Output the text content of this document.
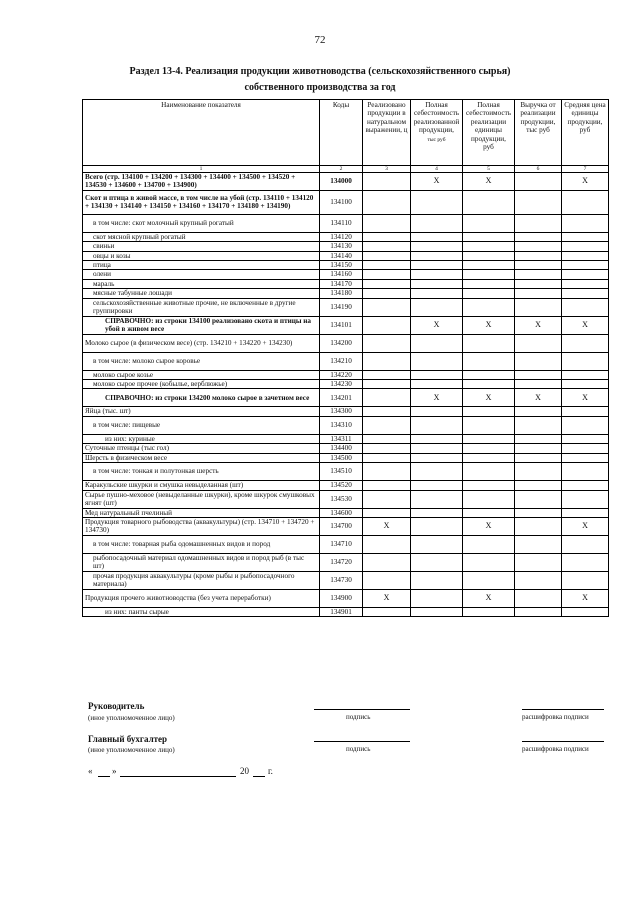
72
Раздел 13-4. Реализация продукции животноводства (сельскохозяйственного сырья)
собственного производства за год
Наименование показателя	Коды	Реализовано продукции в натуральном выражении, ц	Полная себестоимость реализованной продукции,
тыс руб	Полная себестоимость реализации единицы продукции, руб	Выручка от реализации продукции, тыс руб	Средняя цена единицы продукции, руб
1	2	3	4	5	6	7
Всего (стр. 134100 + 134200 + 134300 + 134400 + 134500 + 134520 + 134530 + 134600 + 134700 + 134900)	134000		X	X		X
Скот и птица в живой массе, в том числе на убой (стр. 134110 + 134120 + 134130 + 134140 + 134150 + 134160 + 134170 + 134180 + 134190)	134100					
в том числе: скот молочный крупный рогатый	134110					
скот мясной крупный рогатый	134120					
свиньи	134130					
овцы и козы	134140					
птица	134150					
олени	134160					
мараль	134170					
мясные табунные лошади	134180					
сельскохозяйственные животные прочие, не включенные в другие группировки	134190					
СПРАВОЧНО: из строки 134100 реализовано скота и птицы на убой в живом весе	134101		X	X	X	X
Молоко сырое (в физическом весе) (стр. 134210 + 134220 + 134230)	134200					
в том числе: молоко сырое коровье	134210					
молоко сырое козье	134220					
молоко сырое прочее (кобылье, верблюжье)	134230					
СПРАВОЧНО: из строки 134200 молоко сырое в зачетном весе	134201		X	X	X	X
Яйца (тыс. шт)	134300					
в том числе: пищевые	134310					
из них: куриные	134311					
Суточные птенцы (тыс гол)	134400					
Шерсть в физическом весе	134500					
в том числе: тонкая и полутонкая шерсть	134510					
Каракульские шкурки и смушка невыделанная (шт)	134520					
Сырье пушно-меховое (невыделанные шкурки), кроме шкурок смушковых ягнят (шт)	134530					
Мед натуральный пчелиный	134600					
Продукция товарного рыбоводства (аквакультуры) (стр. 134710 + 134720 + 134730)	134700	X		X		X
в том числе: товарная рыба одомашненных видов и пород	134710					
рыбопосадочный материал одомашненных видов и пород рыб (в тыс шт)	134720					
прочая продукция аквакультуры (кроме рыбы и рыбопосадочного материала)	134730					
Продукция прочего животноводства (без учета переработки)	134900	X		X		X
из них: панты сырые	134901					
Руководитель
(иное уполномоченное лицо)	подпись	расшифровка подписи
Главный бухгалтер
(иное уполномоченное лицо)	подпись	расшифровка подписи
« »	20 г.
